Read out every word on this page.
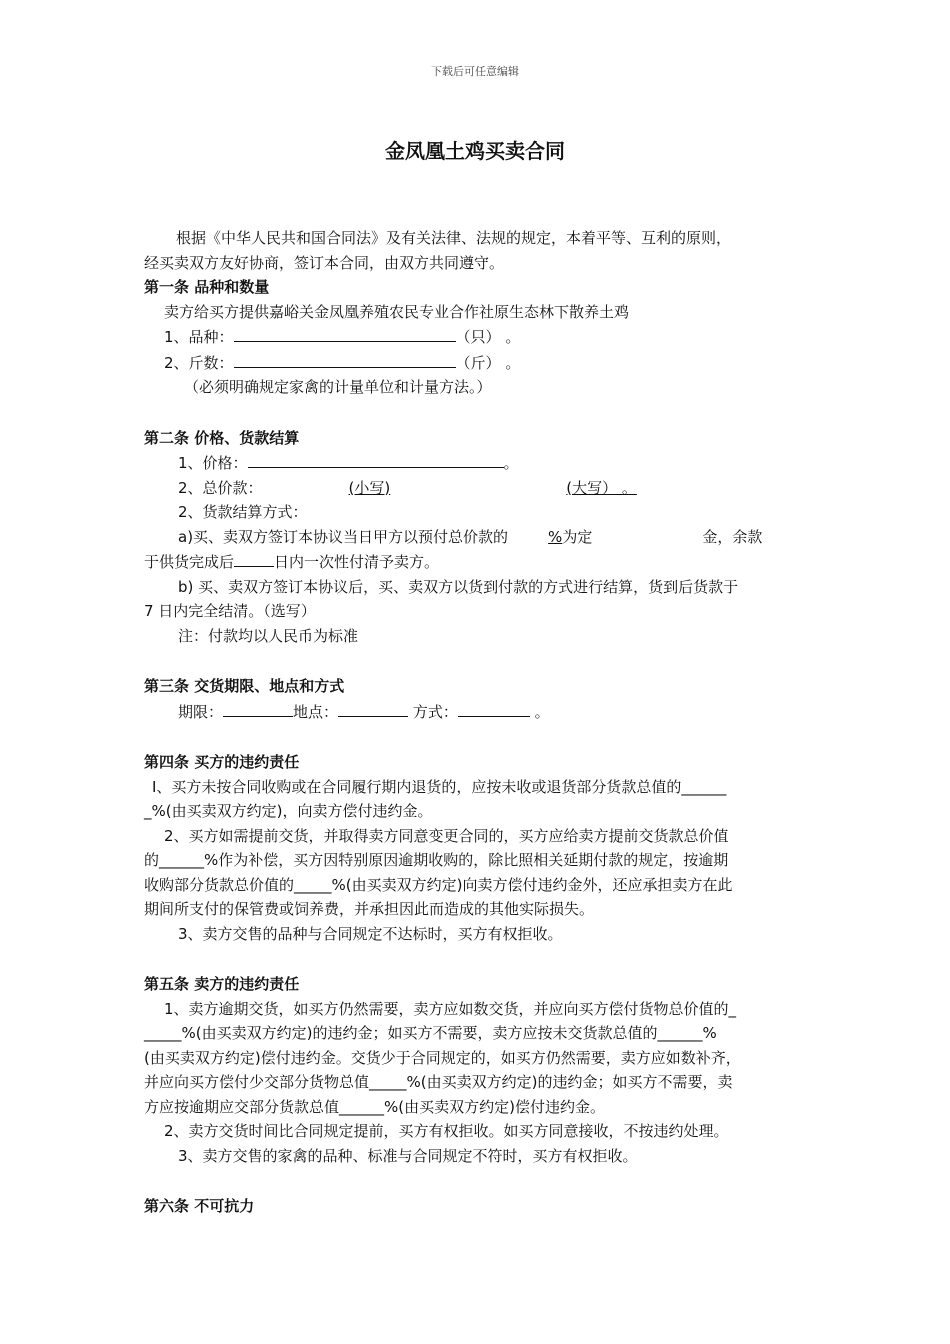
下载后可任意编辑
金凤凰土鸡买卖合同

根据《中华人民共和国合同法》及有关法律、法规的规定，本着平等、互利的原则，

经买卖双方友好协商，签订本合同，由双方共同遵守。

第一条 品种和数量

卖方给买方提供嘉峪关金凤凰养殖农民专业合作社原生态林下散养土鸡

1、品种：	（只） 。

2、斤数：	（斤） 。

（必须明确规定家禽的计量单位和计量方法。）

第二条 价格、货款结算

1、价格：	。

2、总价款：	(小写)	(大写） 。

2、货款结算方式：

a)买、卖双方签订本协议当日甲方以预付总价款的	%为定	金，余款

于供货完成后	日内一次性付清予卖方。

b) 买、卖双方签订本协议后，买、卖双方以货到付款的方式进行结算，货到后货款于

7 日内完全结清。（选写）

注：付款均以人民币为标准

第三条 交货期限、地点和方式

期限：	地点：	方式：	。

第四条 买方的违约责任

Ⅰ、买方未按合同收购或在合同履行期内退货的，应按未收或退货部分货款总值的______

_%(由买卖双方约定)，向卖方偿付违约金。

2、买方如需提前交货，并取得卖方同意变更合同的，买方应给卖方提前交货款总价值

的______%作为补偿，买方因特别原因逾期收购的，除比照相关延期付款的规定，按逾期

收购部分货款总价值的_____%(由买卖双方约定)向卖方偿付违约金外，还应承担卖方在此

期间所支付的保管费或饲养费，并承担因此而造成的其他实际损失。

3、卖方交售的品种与合同规定不达标时，买方有权拒收。

第五条 卖方的违约责任

1、卖方逾期交货，如买方仍然需要，卖方应如数交货，并应向买方偿付货物总价值的_

_____%(由买卖双方约定)的违约金；如买方不需要，卖方应按未交货款总值的______%

(由买卖双方约定)偿付违约金。交货少于合同规定的，如买方仍然需要，卖方应如数补齐，

并应向买方偿付少交部分货物总值_____%(由买卖双方约定)的违约金；如买方不需要，卖

方应按逾期应交部分货款总值______%(由买卖双方约定)偿付违约金。

2、卖方交货时间比合同规定提前，买方有权拒收。如买方同意接收，不按违约处理。

3、卖方交售的家禽的品种、标准与合同规定不符时，买方有权拒收。

第六条 不可抗力
